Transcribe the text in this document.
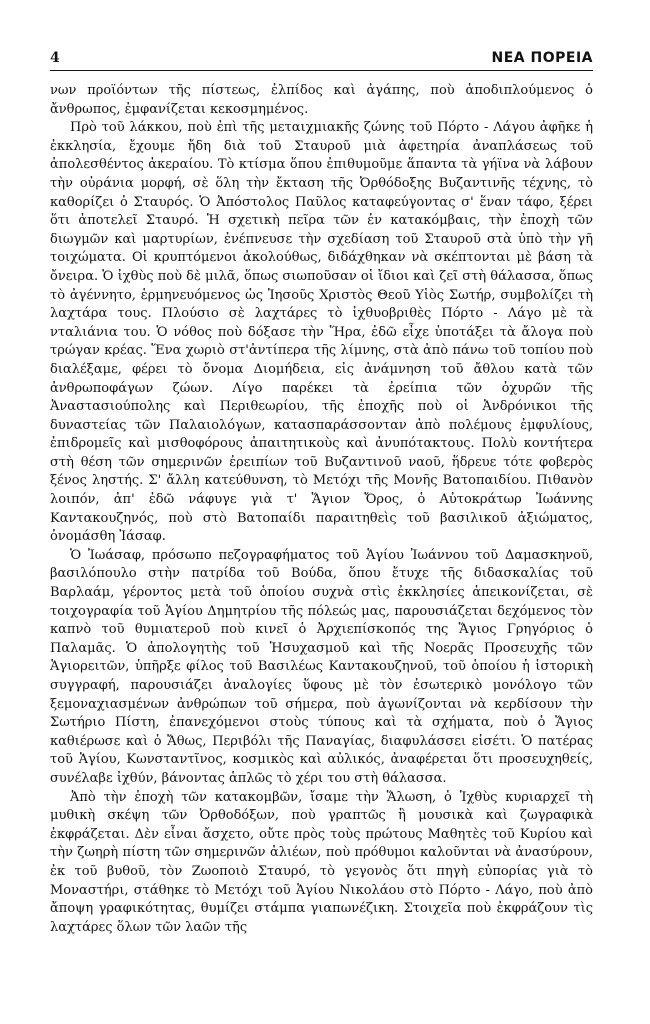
4	ΝΕΑ ΠΟΡΕΙΑ

νων προϊόντων τῆς πίστεως, ἐλπίδος καὶ ἀγάπης, ποὺ ἀποδιπλούμενος ὁ ἄνθρωπος, ἐμφανίζεται κεκοσμημένος.

Πρὸ τοῦ λάκκου, ποὺ ἐπὶ τῆς μεταιχμιακῆς ζώνης τοῦ Πόρτο - Λάγου ἀφῆκε ἡ ἐκκλησία, ἔχουμε ἤδη διὰ τοῦ Σταυροῦ μιὰ ἀφετηρία ἀναπλάσεως τοῦ ἀπολεσθέντος ἀκεραίου. Τὸ κτίσμα ὅπου ἐπιθυμοῦμε ἅπαντα τὰ γήϊνα νὰ λάβουν τὴν οὐράνια μορφή, σὲ ὅλη τὴν ἔκταση τῆς Ὀρθόδοξης Βυζαντινῆς τέχνης, τὸ καθορίζει ὁ Σταυρός. Ὁ Ἀπόστολος Παῦλος καταφεύγοντας σ' ἕναν τάφο, ξέρει ὅτι ἀποτελεῖ Σταυρό. Ἡ σχετικὴ πεῖρα τῶν ἐν κατακόμβαις, τὴν ἐποχὴ τῶν διωγμῶν καὶ μαρτυρίων, ἐνέπνευσε τὴν σχεδίαση τοῦ Σταυροῦ στὰ ὑπὸ τὴν γῆ τοιχώματα. Οἱ κρυπτόμενοι ἀκολούθως, διδάχθηκαν νὰ σκέπτονται μὲ βάση τὰ ὄνειρα. Ὁ ἰχθὺς ποὺ δὲ μιλᾶ, ὅπως σιωποῦσαν οἱ ἴδιοι καὶ ζεῖ στὴ θάλασσα, ὅπως τὸ ἀγέννητο, ἑρμηνευόμενος ὡς Ἰησοῦς Χριστὸς Θεοῦ Υἱὸς Σωτήρ, συμβολίζει τὴ λαχτάρα τους. Πλούσιο σὲ λαχτάρες τὸ ἰχθυοβριθὲς Πόρτο - Λάγο μὲ τὰ νταλιάνια του. Ὁ νόθος ποὺ δόξασε τὴν Ἥρα, ἐδῶ εἶχε ὑποτάξει τὰ ἄλογα ποὺ τρώγαν κρέας. Ἕνα χωριὸ στ'ἀντίπερα τῆς λίμνης, στὰ ἀπὸ πάνω τοῦ τοπίου ποὺ διαλέξαμε, φέρει τὸ ὄνομα Διομήδεια, εἰς ἀνάμνηση τοῦ ἄθλου κατὰ τῶν ἀνθρωποφάγων ζώων. Λίγο παρέκει τὰ ἐρείπια τῶν ὀχυρῶν τῆς Ἀναστασιούπολης καὶ Περιθεωρίου, τῆς ἐποχῆς ποὺ οἱ Ἀνδρόνικοι τῆς δυναστείας τῶν Παλαιολόγων, κατασπαράσσονταν ἀπὸ πολέμους ἐμφυλίους, ἐπιδρομεῖς καὶ μισθοφόρους ἀπαιτητικοὺς καὶ ἀνυπότακτους. Πολὺ κοντήτερα στὴ θέση τῶν σημερινῶν ἐρειπίων τοῦ Βυζαντινοῦ ναοῦ, ἥδρευε τότε φοβερὸς ξένος ληστής. Σ' ἄλλη κατεύθυνση, τὸ Μετόχι τῆς Μονῆς Βατοπαιδίου. Πιθανὸν λοιπόν, ἀπ' ἐδῶ νάφυγε γιὰ τ' Ἅγιον Ὄρος, ὁ Αὐτοκράτωρ Ἰωάννης Καντακουζηνός, ποὺ στὸ Βατοπαίδι παραιτηθεὶς τοῦ βασιλικοῦ ἀξιώματος, ὀνομάσθη Ἰάσαφ.

Ὁ Ἰωάσαφ, πρόσωπο πεζογραφήματος τοῦ Ἁγίου Ἰωάννου τοῦ Δαμασκηνοῦ, βασιλόπουλο στὴν πατρίδα τοῦ Βούδα, ὅπου ἔτυχε τῆς διδασκαλίας τοῦ Βαρλαάμ, γέροντος μετὰ τοῦ ὁποίου συχνὰ στὶς ἐκκλησίες ἀπεικονίζεται, σὲ τοιχογραφία τοῦ Ἁγίου Δημητρίου τῆς πόλεώς μας, παρουσιάζεται δεχόμενος τὸν καπνὸ τοῦ θυμιατεροῦ ποὺ κινεῖ ὁ Ἀρχιεπίσκοπός της Ἅγιος Γρηγόριος ὁ Παλαμᾶς. Ὁ ἀπολογητὴς τοῦ Ἡσυχασμοῦ καὶ τῆς Νοερᾶς Προσευχῆς τῶν Ἁγιορειτῶν, ὑπῆρξε φίλος τοῦ Βασιλέως Καντακουζηνοῦ, τοῦ ὁποίου ἡ ἱστορικὴ συγγραφή, παρουσιάζει ἀναλογίες ὕφους μὲ τὸν ἐσωτερικὸ μονόλογο τῶν ξεμοναχιασμένων ἀνθρώπων τοῦ σήμερα, ποὺ ἀγωνίζονται νὰ κερδίσουν τὴν Σωτήριο Πίστη, ἐπανεχόμενοι στοὺς τύπους καὶ τὰ σχήματα, ποὺ ὁ Ἅγιος καθιέρωσε καὶ ὁ Ἄθως, Περιβόλι τῆς Παναγίας, διαφυλάσσει εἰσέτι. Ὁ πατέρας τοῦ Ἁγίου, Κωνσταντῖνος, κοσμικὸς καὶ αὐλικός, ἀναφέρεται ὅτι προσευχηθείς, συνέλαβε ἰχθύν, βάνοντας ἁπλῶς τὸ χέρι του στὴ θάλασσα.

Ἀπὸ τὴν ἐποχὴ τῶν κατακομβῶν, ἴσαμε τὴν Ἅλωση, ὁ Ἰχθὺς κυριαρχεῖ τὴ μυθικὴ σκέψη τῶν Ὀρθοδόξων, ποὺ γραπτῶς ἢ μουσικὰ καὶ ζωγραφικὰ ἐκφράζεται. Δὲν εἶναι ἄσχετο, οὔτε πρὸς τοὺς πρώτους Μαθητὲς τοῦ Κυρίου καὶ τὴν ζωηρὴ πίστη τῶν σημερινῶν ἁλιέων, ποὺ πρόθυμοι καλοῦνται νὰ ἀνασύρουν, ἐκ τοῦ βυθοῦ, τὸν Ζωοποιὸ Σταυρό, τὸ γεγονὸς ὅτι πηγὴ εὐπορίας γιὰ τὸ Μοναστήρι, στάθηκε τὸ Μετόχι τοῦ Ἁγίου Νικολάου στὸ Πόρτο - Λάγο, ποὺ ἀπὸ ἄποψη γραφικότητας, θυμίζει στάμπα γιαπωνέζικη. Στοιχεῖα ποὺ ἐκφράζουν τὶς λαχτάρες ὅλων τῶν λαῶν τῆς
